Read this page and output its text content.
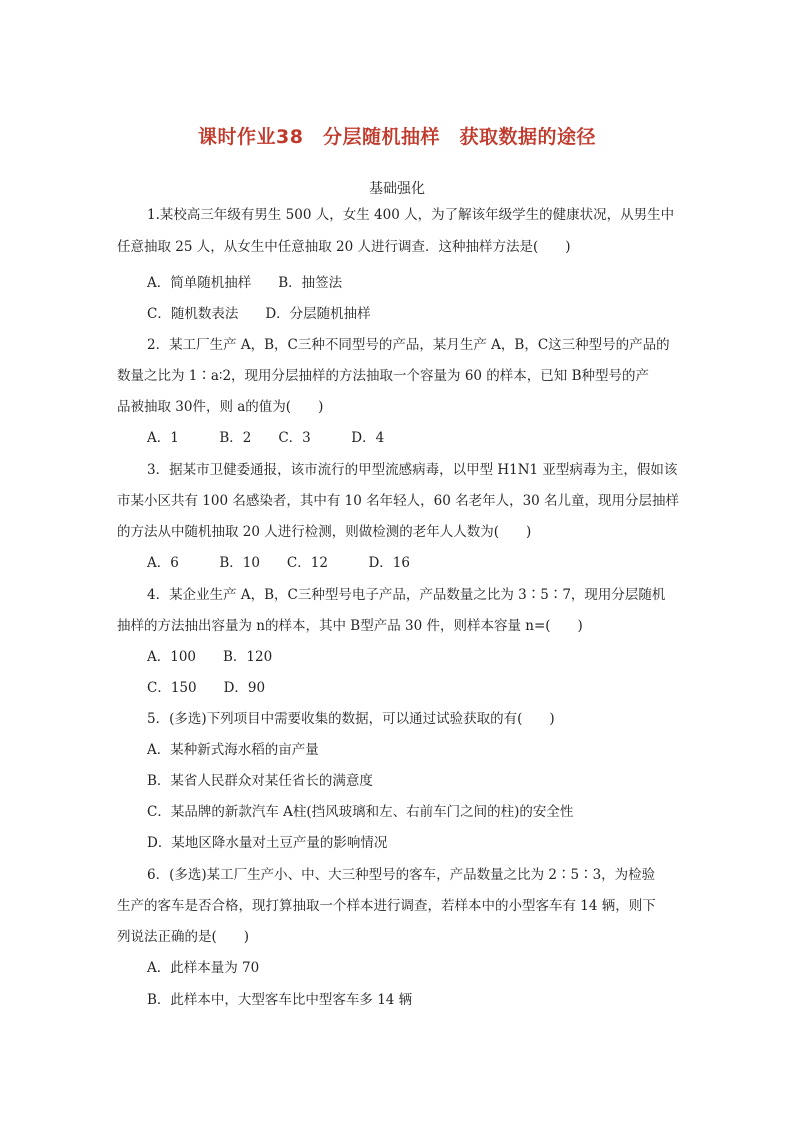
课时作业38　分层随机抽样　获取数据的途径
基础强化
1.某校高三年级有男生 500 人，女生 400 人，为了解该年级学生的健康状况，从男生中
任意抽取 25 人，从女生中任意抽取 20 人进行调查．这种抽样方法是(　　)
A．简单随机抽样　　B．抽签法
C．随机数表法　　D．分层随机抽样
2．某工厂生产 A，B，C三种不同型号的产品，某月生产 A，B，C这三种型号的产品的
数量之比为 1∶a∶2，现用分层抽样的方法抽取一个容量为 60 的样本，已知 B种型号的产
品被抽取 30件，则 a的值为(　　)
A．1　　　B．2　　C．3　　　D．4
3．据某市卫健委通报，该市流行的甲型流感病毒，以甲型 H1N1 亚型病毒为主，假如该
市某小区共有 100 名感染者，其中有 10 名年轻人，60 名老年人，30 名儿童，现用分层抽样
的方法从中随机抽取 20 人进行检测，则做检测的老年人人数为(　　)
A．6　　　B．10　　C．12　　　D．16
4．某企业生产 A，B，C三种型号电子产品，产品数量之比为 3∶5∶7，现用分层随机
抽样的方法抽出容量为 n的样本，其中 B型产品 30 件，则样本容量 n=(　　)
A．100　　B．120
C．150　　D．90
5．(多选)下列项目中需要收集的数据，可以通过试验获取的有(　　)
A．某种新式海水稻的亩产量
B．某省人民群众对某任省长的满意度
C．某品牌的新款汽车 A柱(挡风玻璃和左、右前车门之间的柱)的安全性
D．某地区降水量对土豆产量的影响情况
6．(多选)某工厂生产小、中、大三种型号的客车，产品数量之比为 2∶5∶3，为检验
生产的客车是否合格，现打算抽取一个样本进行调查，若样本中的小型客车有 14 辆，则下
列说法正确的是(　　)
A．此样本量为 70
B．此样本中，大型客车比中型客车多 14 辆
